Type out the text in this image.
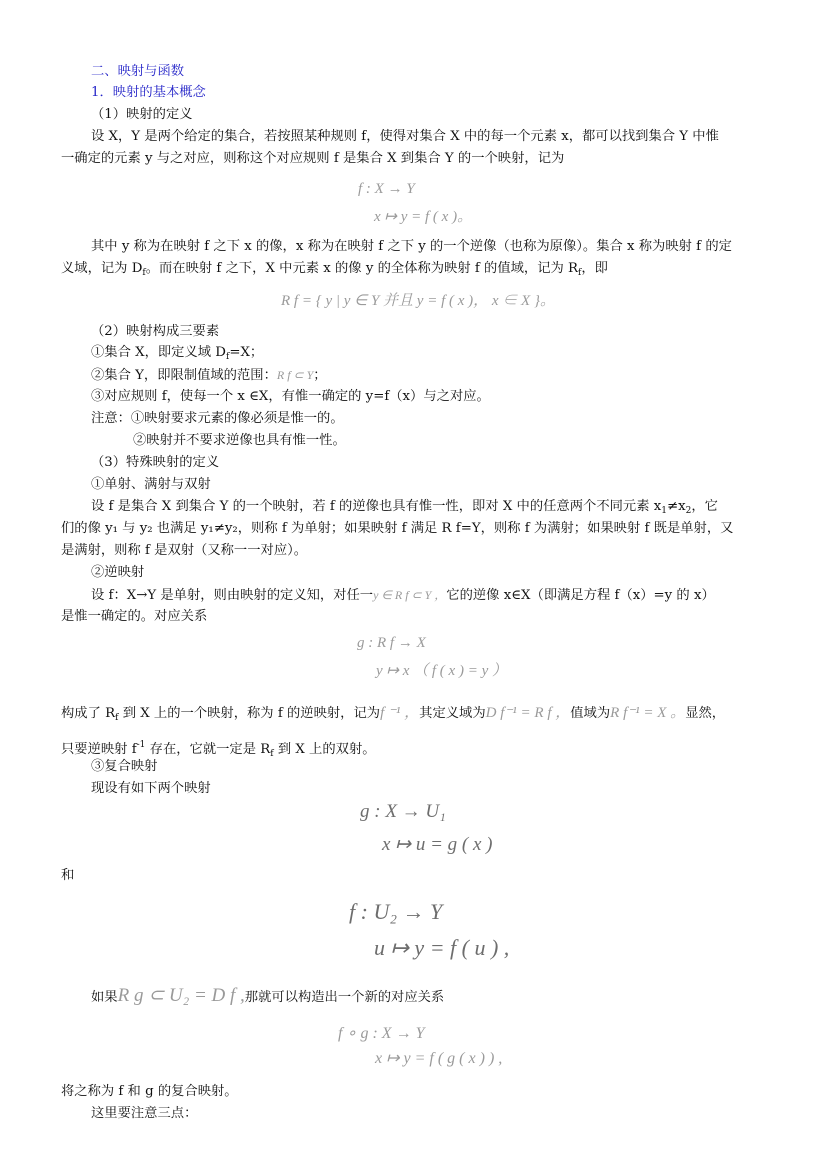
二、映射与函数
1．映射的基本概念
（1）映射的定义
设 X，Y 是两个给定的集合，若按照某种规则 f，使得对集合 X 中的每一个元素 x，都可以找到集合 Y 中惟
一确定的元素 y 与之对应，则称这个对应规则 f 是集合 X 到集合 Y 的一个映射，记为
f : X → Y
x ↦ y = f ( x )。
其中 y 称为在映射 f 之下 x 的像，x 称为在映射 f 之下 y 的一个逆像（也称为原像）。集合 x 称为映射 f 的定
义域，记为 $D_f$。而在映射 f 之下，X 中元素 x 的像 y 的全体称为映射 f 的值域，记为 $R_f$，即
R f = { y | y ∈ Y 并且 y = f ( x )， x ∈ X }。
（2）映射构成三要素
①集合 X，即定义域 $D_f=X$；
②集合 Y，即限制值域的范围：R f ⊂ Y；
③对应规则 f，使每一个 x ∈X，有惟一确定的 y=f（x）与之对应。
注意：①映射要求元素的像必须是惟一的。
②映射并不要求逆像也具有惟一性。
（3）特殊映射的定义
①单射、满射与双射
设 f 是集合 X 到集合 Y 的一个映射，若 f 的逆像也具有惟一性，即对 X 中的任意两个不同元素 $x_1\ne x_2$，它
们的像 y₁ 与 y₂ 也满足 y₁≠y₂，则称 f 为单射；如果映射 f 满足 R f=Y，则称 f 为满射；如果映射 f 既是单射，又
是满射，则称 f 是双射（又称一一对应）。
②逆映射
设 f：X→Y 是单射，则由映射的定义知，对任一y ∈ R f ⊂ Y ，它的逆像 x∈X（即满足方程 f（x）=y 的 x）
是惟一确定的。对应关系
g : R f → X
y ↦ x （ f ( x ) = y ）
构成了 $R_f$ 到 X 上的一个映射，称为 f 的逆映射，记为f ⁻¹ ，其定义域为D f⁻¹ = R f ，值域为R f⁻¹ = X 。显然，
只要逆映射 $f^{-1}$ 存在，它就一定是 $R_f$ 到 X 上的双射。
③复合映射
现设有如下两个映射
g : X → U₁
x ↦ u = g ( x )
和
f : U₂ → Y
u ↦ y = f ( u ) ,
如果R g ⊂ U₂ = D f ,那就可以构造出一个新的对应关系
f ∘ g : X → Y
x ↦ y = f ( g ( x ) ) ,
将之称为 f 和 g 的复合映射。
这里要注意三点：
